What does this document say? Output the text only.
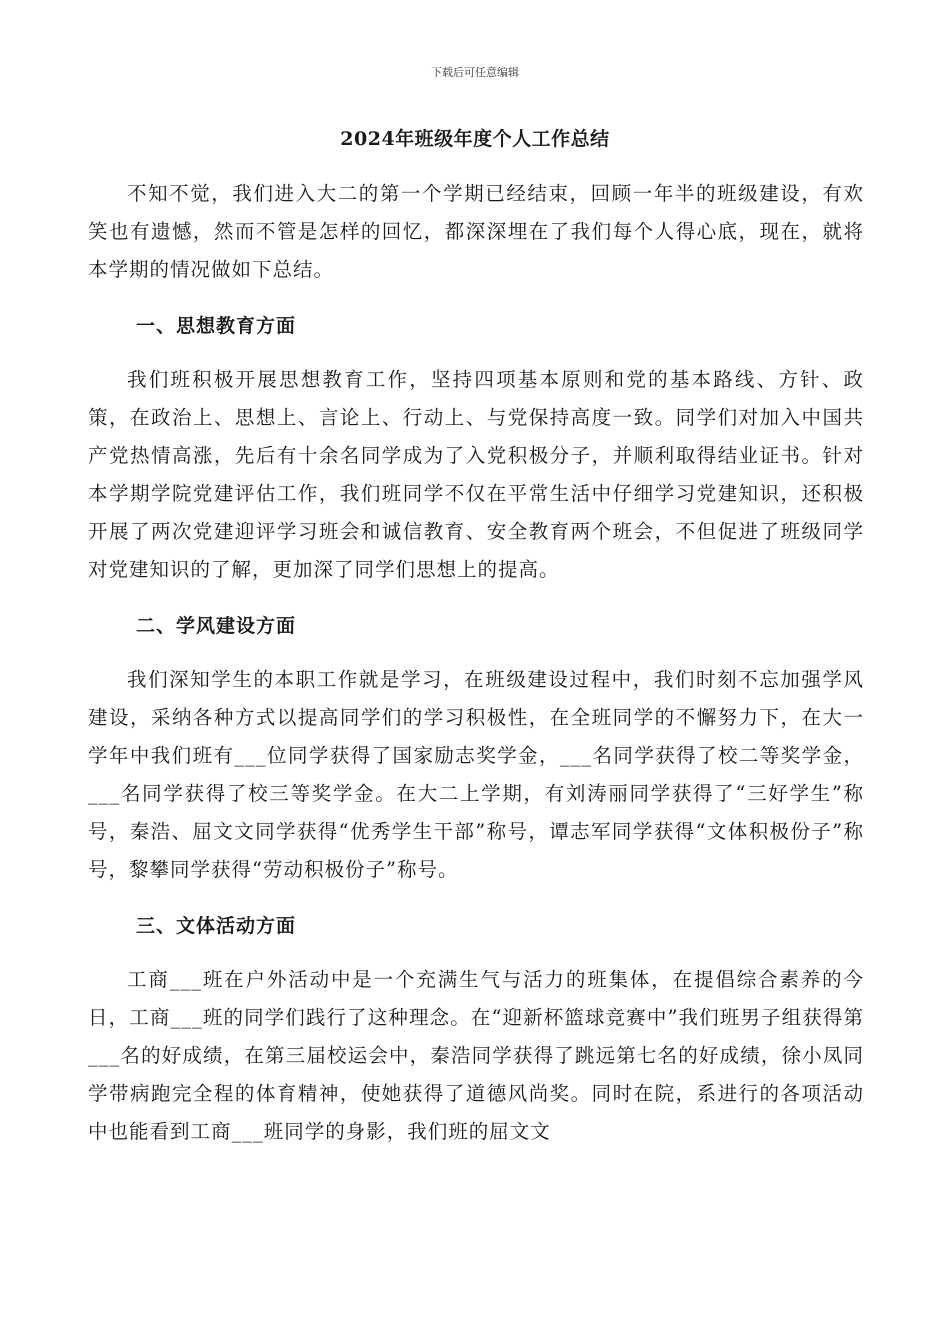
下载后可任意编辑
2024年班级年度个人工作总结

不知不觉，我们进入大二的第一个学期已经结束，回顾一年半的班级建设，有欢笑也有遗憾，然而不管是怎样的回忆，都深深埋在了我们每个人得心底，现在，就将本学期的情况做如下总结。

一、思想教育方面

我们班积极开展思想教育工作，坚持四项基本原则和党的基本路线、方针、政策，在政治上、思想上、言论上、行动上、与党保持高度一致。同学们对加入中国共产党热情高涨，先后有十余名同学成为了入党积极分子，并顺利取得结业证书。针对本学期学院党建评估工作，我们班同学不仅在平常生活中仔细学习党建知识，还积极开展了两次党建迎评学习班会和诚信教育、安全教育两个班会，不但促进了班级同学对党建知识的了解，更加深了同学们思想上的提高。

二、学风建设方面

我们深知学生的本职工作就是学习，在班级建设过程中，我们时刻不忘加强学风建设，采纳各种方式以提高同学们的学习积极性，在全班同学的不懈努力下，在大一学年中我们班有___位同学获得了国家励志奖学金，___名同学获得了校二等奖学金，___名同学获得了校三等奖学金。在大二上学期，有刘涛丽同学获得了“三好学生”称号，秦浩、屈文文同学获得“优秀学生干部”称号，谭志军同学获得“文体积极份子”称号，黎攀同学获得“劳动积极份子”称号。

三、文体活动方面

工商___班在户外活动中是一个充满生气与活力的班集体，在提倡综合素养的今日，工商___班的同学们践行了这种理念。在“迎新杯篮球竞赛中”我们班男子组获得第___名的好成绩，在第三届校运会中，秦浩同学获得了跳远第七名的好成绩，徐小凤同学带病跑完全程的体育精神，使她获得了道德风尚奖。同时在院，系进行的各项活动中也能看到工商___班同学的身影，我们班的屈文文
